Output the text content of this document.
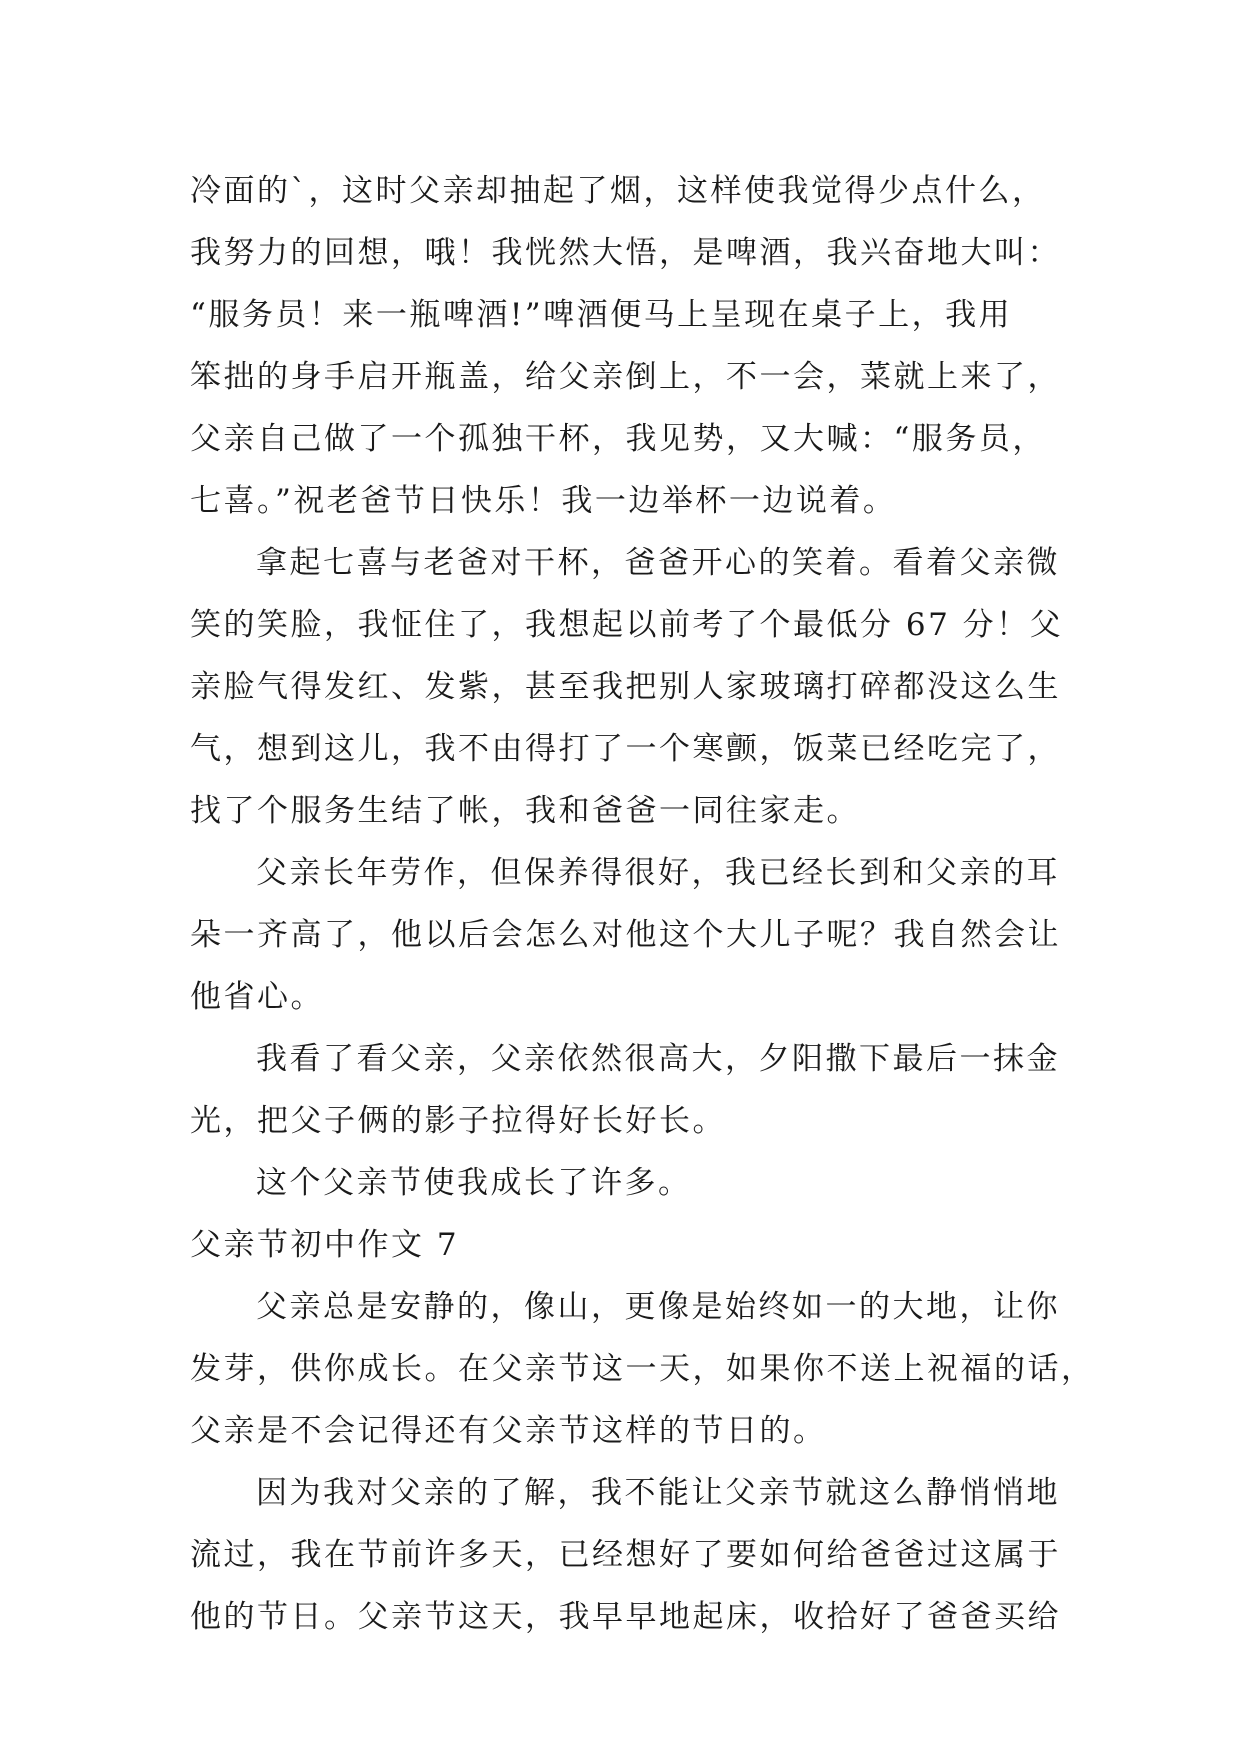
冷面的`，这时父亲却抽起了烟，这样使我觉得少点什么，
我努力的回想，哦！我恍然大悟，是啤酒，我兴奋地大叫：
“服务员！来一瓶啤酒!”啤酒便马上呈现在桌子上，我用
笨拙的身手启开瓶盖，给父亲倒上，不一会，菜就上来了，
父亲自己做了一个孤独干杯，我见势，又大喊：“服务员，
七喜。”祝老爸节日快乐！我一边举杯一边说着。
拿起七喜与老爸对干杯，爸爸开心的笑着。看着父亲微
笑的笑脸，我怔住了，我想起以前考了个最低分 67 分！父
亲脸气得发红、发紫，甚至我把别人家玻璃打碎都没这么生
气，想到这儿，我不由得打了一个寒颤，饭菜已经吃完了，
找了个服务生结了帐，我和爸爸一同往家走。
父亲长年劳作，但保养得很好，我已经长到和父亲的耳
朵一齐高了，他以后会怎么对他这个大儿子呢？我自然会让
他省心。
我看了看父亲，父亲依然很高大，夕阳撒下最后一抹金
光，把父子俩的影子拉得好长好长。
这个父亲节使我成长了许多。
父亲节初中作文 7
父亲总是安静的，像山，更像是始终如一的大地，让你
发芽，供你成长。在父亲节这一天，如果你不送上祝福的话，
父亲是不会记得还有父亲节这样的节日的。
因为我对父亲的了解，我不能让父亲节就这么静悄悄地
流过，我在节前许多天，已经想好了要如何给爸爸过这属于
他的节日。父亲节这天，我早早地起床，收拾好了爸爸买给
